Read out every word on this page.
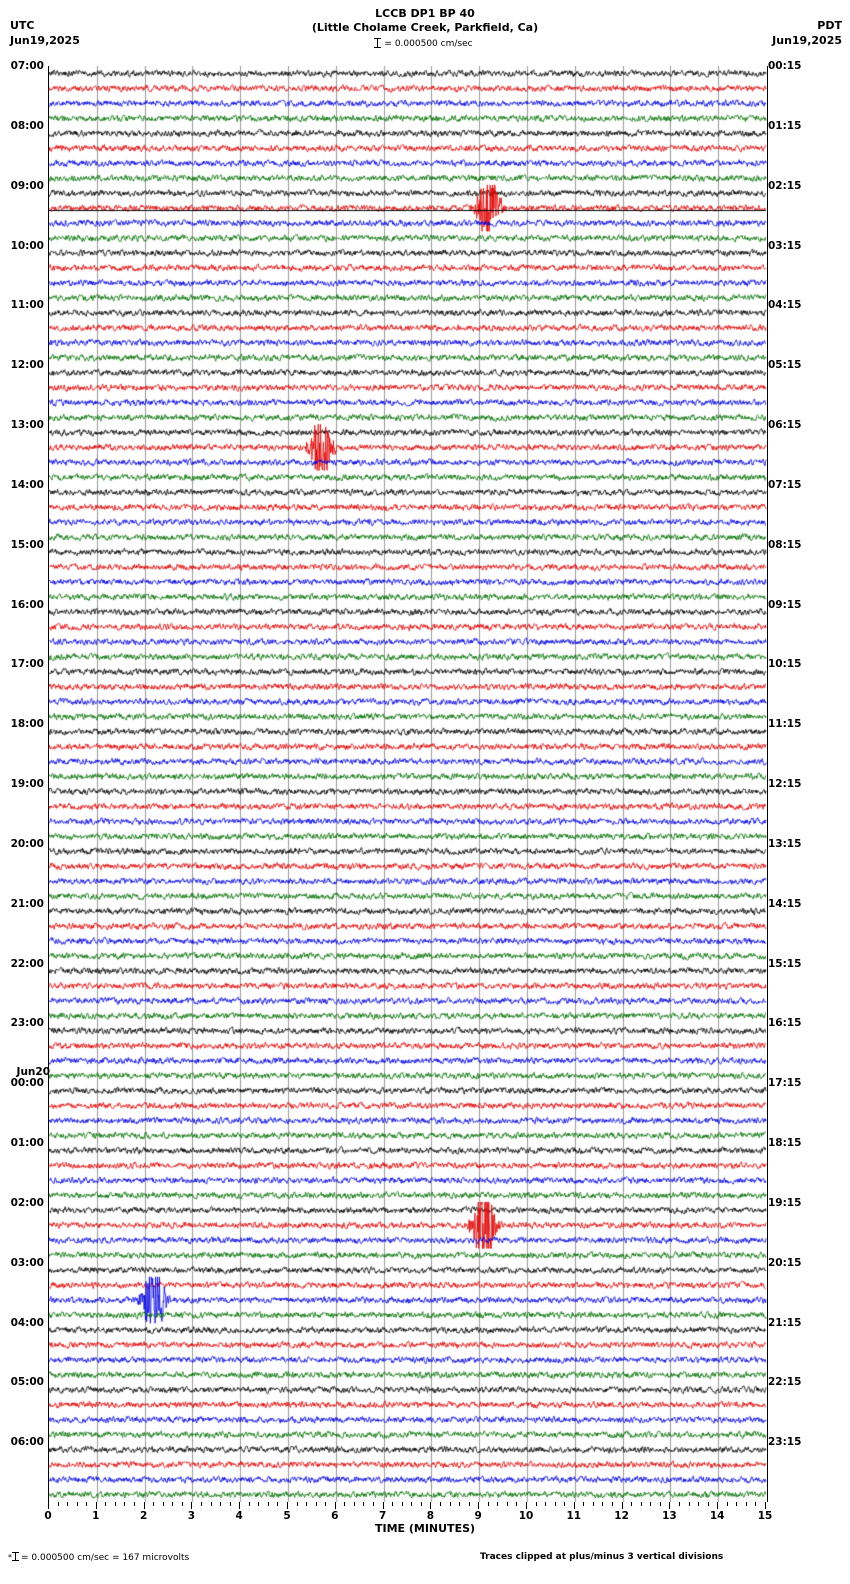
UTC
Jun19,2025
PDT
Jun19,2025
LCCB DP1 BP 40
(Little Cholame Creek, Parkfield, Ca)
= 0.000500 cm/sec
07:00
08:00
09:00
10:00
11:00
12:00
13:00
14:00
15:00
16:00
17:00
18:00
19:00
20:00
21:00
22:00
23:00
00:00
01:00
02:00
03:00
04:00
05:00
06:00
Jun20
00:15
01:15
02:15
03:15
04:15
05:15
06:15
07:15
08:15
09:15
10:15
11:15
12:15
13:15
14:15
15:15
16:15
17:15
18:15
19:15
20:15
21:15
22:15
23:15
0	1	2	3	4	5	6	7	8	9	10	11	12	13	14	15
TIME (MINUTES)
* = 0.000500 cm/sec = 167 microvolts	Traces clipped at plus/minus 3 vertical divisions
